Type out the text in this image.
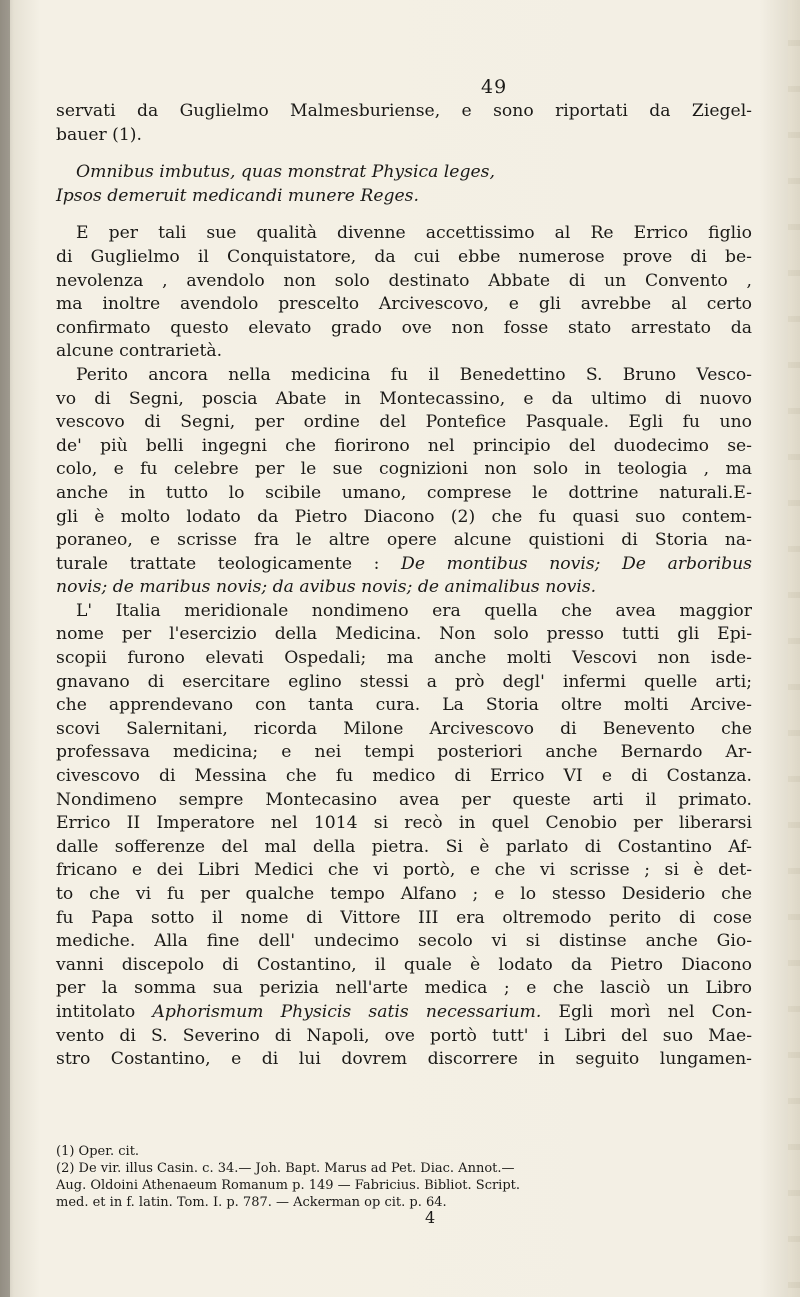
49
servati da Guglielmo Malmesburiense, e sono riportati da Ziegel-
bauer (1).
Omnibus imbutus, quas monstrat Physica leges,
Ipsos demeruit medicandi munere Reges.
E per tali sue qualità divenne accettissimo al Re Errico figlio
di Guglielmo il Conquistatore, da cui ebbe numerose prove di be-
nevolenza , avendolo non solo destinato Abbate di un Convento ,
ma inoltre avendolo prescelto Arcivescovo, e gli avrebbe al certo
confirmato questo elevato grado ove non fosse stato arrestato da
alcune contrarietà.
Perito ancora nella medicina fu il Benedettino S. Bruno Vesco-
vo di Segni, poscia Abate in Montecassino, e da ultimo di nuovo
vescovo di Segni, per ordine del Pontefice Pasquale. Egli fu uno
de' più belli ingegni che fiorirono nel principio del duodecimo se-
colo, e fu celebre per le sue cognizioni non solo in teologia , ma
anche in tutto lo scibile umano, comprese le dottrine naturali.E-
gli è molto lodato da Pietro Diacono (2) che fu quasi suo contem-
poraneo, e scrisse fra le altre opere alcune quistioni di Storia na-
turale trattate teologicamente : De montibus novis; De arboribus
novis; de maribus novis; da avibus novis; de animalibus novis.
L' Italia meridionale nondimeno era quella che avea maggior
nome per l'esercizio della Medicina. Non solo presso tutti gli Epi-
scopii furono elevati Ospedali; ma anche molti Vescovi non isde-
gnavano di esercitare eglino stessi a prò degl' infermi quelle arti;
che apprendevano con tanta cura. La Storia oltre molti Arcive-
scovi Salernitani, ricorda Milone Arcivescovo di Benevento che
professava medicina; e nei tempi posteriori anche Bernardo Ar-
civescovo di Messina che fu medico di Errico VI e di Costanza.
Nondimeno sempre Montecasino avea per queste arti il primato.
Errico II Imperatore nel 1014 si recò in quel Cenobio per liberarsi
dalle sofferenze del mal della pietra. Si è parlato di Costantino Af-
fricano e dei Libri Medici che vi portò, e che vi scrisse ; si è det-
to che vi fu per qualche tempo Alfano ; e lo stesso Desiderio che
fu Papa sotto il nome di Vittore III era oltremodo perito di cose
mediche. Alla fine dell' undecimo secolo vi si distinse anche Gio-
vanni discepolo di Costantino, il quale è lodato da Pietro Diacono
per la somma sua perizia nell'arte medica ; e che lasciò un Libro
intitolato Aphorismum Physicis satis necessarium. Egli morì nel Con-
vento di S. Severino di Napoli, ove portò tutt' i Libri del suo Mae-
stro Costantino, e di lui dovrem discorrere in seguito lungamen-
(1) Oper. cit.
(2) De vir. illus Casin. c. 34.— Joh. Bapt. Marus ad Pet. Diac. Annot.—
Aug. Oldoini Athenaeum Romanum p. 149 — Fabricius. Bibliot. Script.
med. et in f. latin. Tom. I. p. 787. — Ackerman op cit. p. 64.
4
